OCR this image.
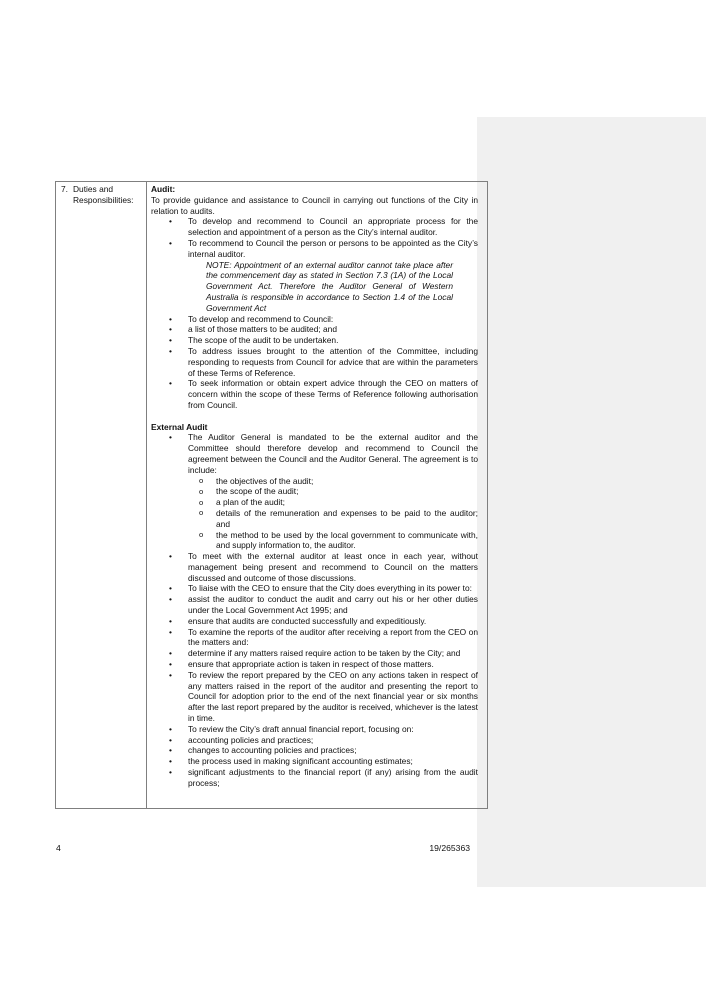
7. Duties and Responsibilities:
Audit:
To provide guidance and assistance to Council in carrying out functions of the City in relation to audits.
• To develop and recommend to Council an appropriate process for the selection and appointment of a person as the City’s internal auditor.
• To recommend to Council the person or persons to be appointed as the City’s internal auditor.
NOTE: Appointment of an external auditor cannot take place after the commencement day as stated in Section 7.3 (1A) of the Local Government Act. Therefore the Auditor General of Western Australia is responsible in accordance to Section 1.4 of the Local Government Act
• To develop and recommend to Council:
• a list of those matters to be audited; and
• The scope of the audit to be undertaken.
• To address issues brought to the attention of the Committee, including responding to requests from Council for advice that are within the parameters of these Terms of Reference.
• To seek information or obtain expert advice through the CEO on matters of concern within the scope of these Terms of Reference following authorisation from Council.
External Audit
• The Auditor General is mandated to be the external auditor and the Committee should therefore develop and recommend to Council the agreement between the Council and the Auditor General. The agreement is to include:
o the objectives of the audit;
o the scope of the audit;
o a plan of the audit;
o details of the remuneration and expenses to be paid to the auditor; and
o the method to be used by the local government to communicate with, and supply information to, the auditor.
• To meet with the external auditor at least once in each year, without management being present and recommend to Council on the matters discussed and outcome of those discussions.
• To liaise with the CEO to ensure that the City does everything in its power to:
• assist the auditor to conduct the audit and carry out his or her other duties under the Local Government Act 1995; and
• ensure that audits are conducted successfully and expeditiously.
• To examine the reports of the auditor after receiving a report from the CEO on the matters and:
• determine if any matters raised require action to be taken by the City; and
• ensure that appropriate action is taken in respect of those matters.
• To review the report prepared by the CEO on any actions taken in respect of any matters raised in the report of the auditor and presenting the report to Council for adoption prior to the end of the next financial year or six months after the last report prepared by the auditor is received, whichever is the latest in time.
• To review the City’s draft annual financial report, focusing on:
• accounting policies and practices;
• changes to accounting policies and practices;
• the process used in making significant accounting estimates;
• significant adjustments to the financial report (if any) arising from the audit process;
4	19/265363
